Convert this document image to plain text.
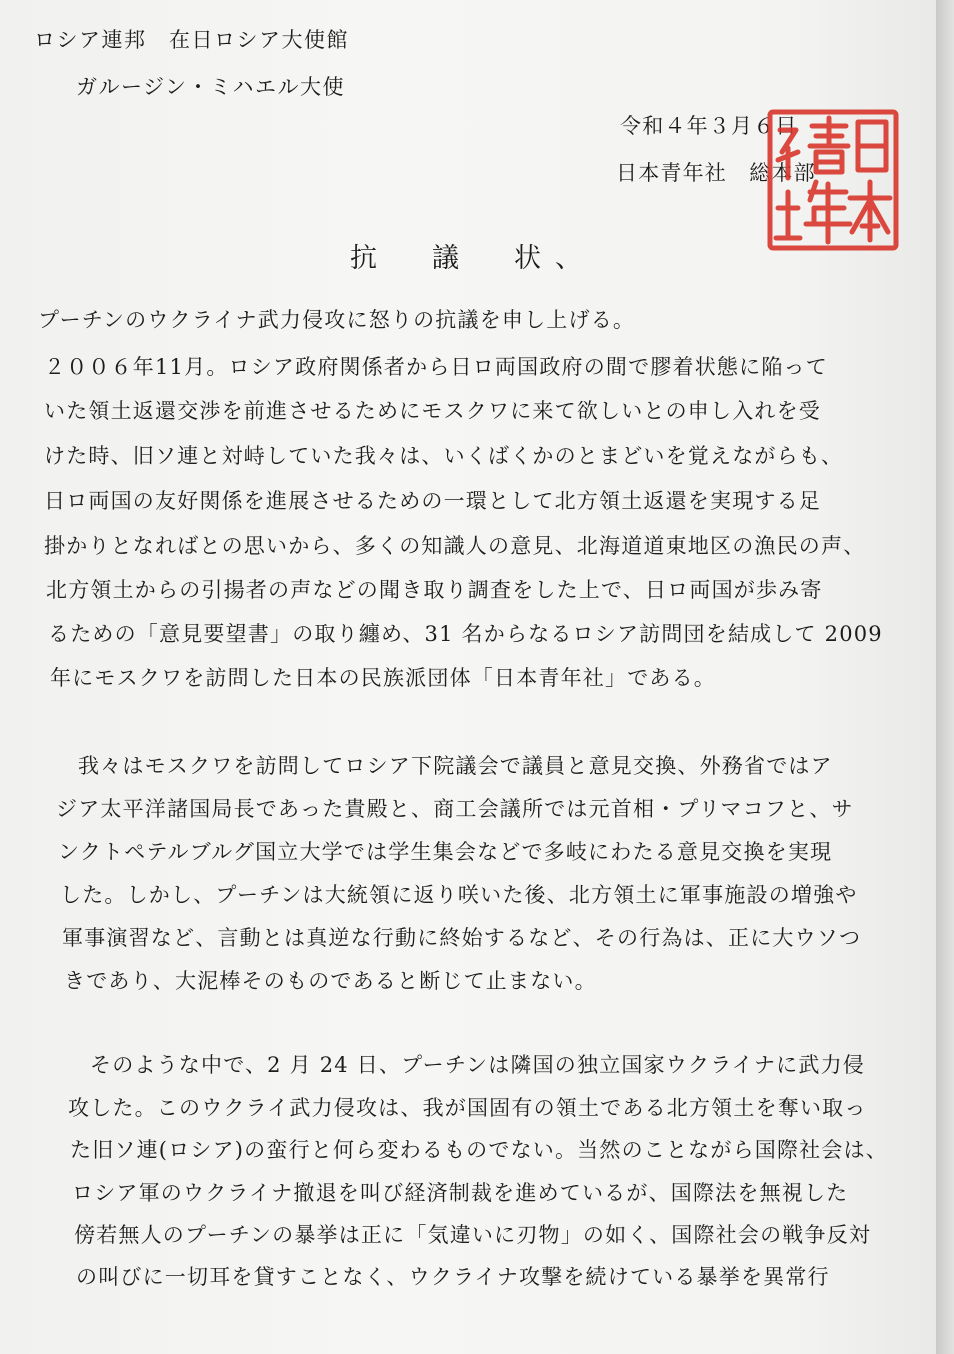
ロシア連邦　在日ロシア大使館
ガルージン・ミハエル大使
令和４年３月６日
日本青年社　総本部
抗　議　状、
プーチンのウクライナ武力侵攻に怒りの抗議を申し上げる。
２００６年11月。ロシア政府関係者から日ロ両国政府の間で膠着状態に陥って
いた領土返還交渉を前進させるためにモスクワに来て欲しいとの申し入れを受
けた時、旧ソ連と対峙していた我々は、いくばくかのとまどいを覚えながらも、
日ロ両国の友好関係を進展させるための一環として北方領土返還を実現する足
掛かりとなればとの思いから、多くの知識人の意見、北海道道東地区の漁民の声、
北方領土からの引揚者の声などの聞き取り調査をした上で、日ロ両国が歩み寄
るための「意見要望書」の取り纏め、31 名からなるロシア訪問団を結成して 2009
年にモスクワを訪問した日本の民族派団体「日本青年社」である。
我々はモスクワを訪問してロシア下院議会で議員と意見交換、外務省ではア
ジア太平洋諸国局長であった貴殿と、商工会議所では元首相・プリマコフと、サ
ンクトペテルブルグ国立大学では学生集会などで多岐にわたる意見交換を実現
した。しかし、プーチンは大統領に返り咲いた後、北方領土に軍事施設の増強や
軍事演習など、言動とは真逆な行動に終始するなど、その行為は、正に大ウソつ
きであり、大泥棒そのものであると断じて止まない。
そのような中で、2 月 24 日、プーチンは隣国の独立国家ウクライナに武力侵
攻した。このウクライ武力侵攻は、我が国固有の領土である北方領土を奪い取っ
た旧ソ連(ロシア)の蛮行と何ら変わるものでない。当然のことながら国際社会は、
ロシア軍のウクライナ撤退を叫び経済制裁を進めているが、国際法を無視した
傍若無人のプーチンの暴挙は正に「気違いに刃物」の如く、国際社会の戦争反対
の叫びに一切耳を貸すことなく、ウクライナ攻撃を続けている暴挙を異常行
